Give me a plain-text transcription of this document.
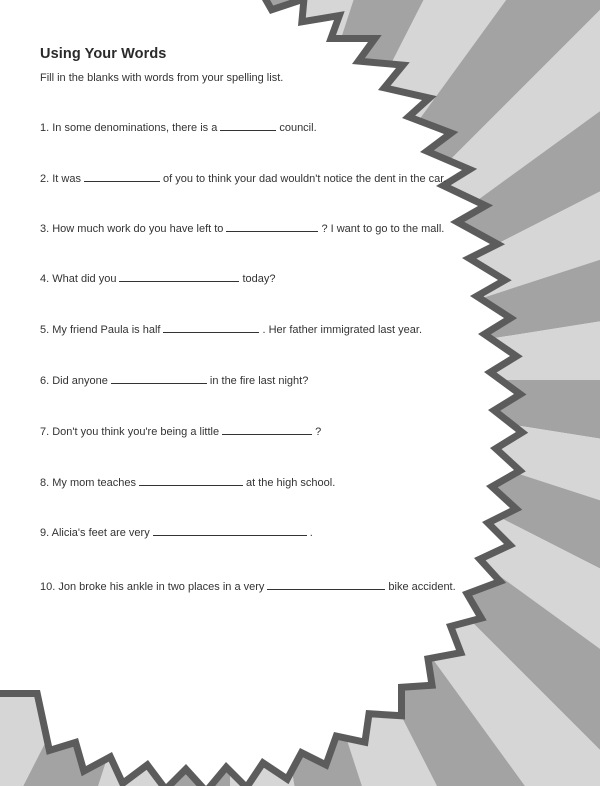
Using Your Words

Fill in the blanks with words from your spelling list.

1. In some denominations, there is a	council.

2. It was	of you to think your dad wouldn't notice the dent in the car.

3. How much work do you have left to	? I want to go to the mall.

4. What did you	today?

5. My friend Paula is half	. Her father immigrated last year.

6. Did anyone	in the fire last night?

7. Don't you think you're being a little	?

8. My mom teaches	at the high school.

9. Alicia's feet are very	.

10. Jon broke his ankle in two places in a very	bike accident.
